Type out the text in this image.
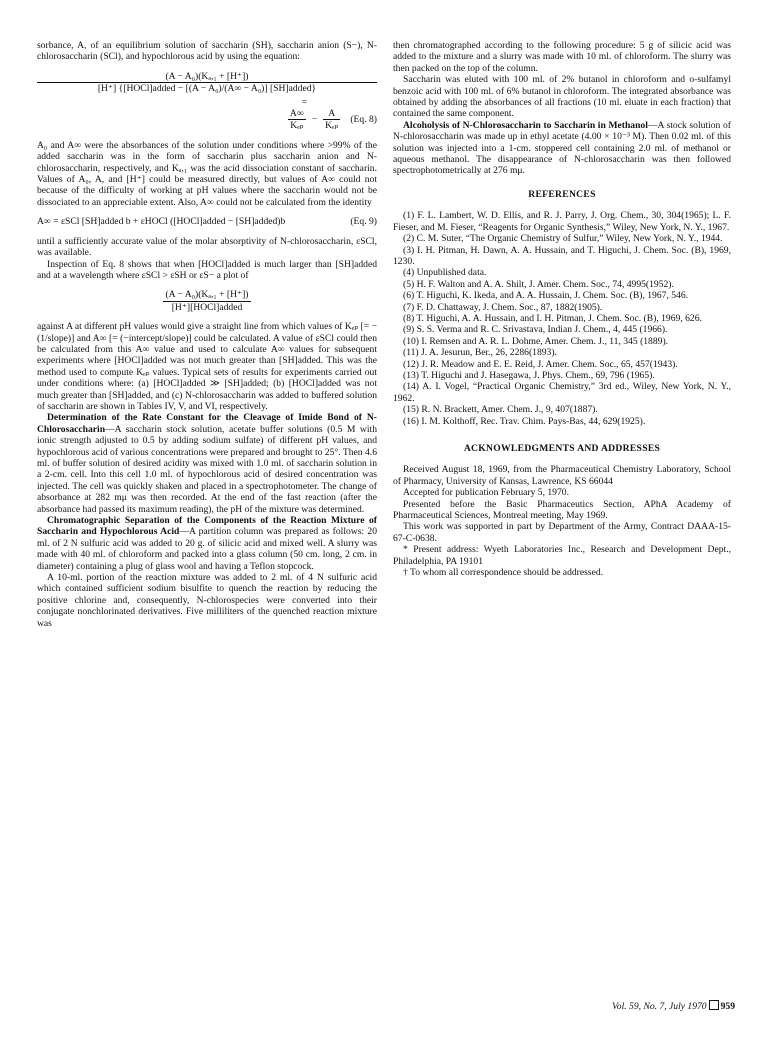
sorbance, A, of an equilibrium solution of saccharin (SH), saccharin anion (S−), N-chlorosaccharin (SCl), and hypochlorous acid by using the equation:

(A − A₀)(Kₐ,₁ + [H⁺])
[H⁺] {[HOCl]added − [(A − A₀)/(A∞ − A₀)] [SH]added}
=
$\frac{A\infty}{\text{Kₑₚ}} - \frac{A}{\text{Kₑₚ}} (Eq$. 8)

A₀ and A∞ were the absorbances of the solution under conditions where >99% of the added saccharin was in the form of saccharin plus saccharin anion and N-chlorosaccharin, respectively, and Kₐ,₁ was the acid dissociation constant of saccharin. Values of A₀, A, and [H⁺] could be measured directly, but values of A∞ could not because of the difficulty of working at pH values where the saccharin would not be dissociated to an appreciable extent. Also, A∞ could not be calculated from the identity

A∞ = εSCl [SH]added b + εHOCl ([HOCl]added − [SH]added)b	(Eq. 9)

until a sufficiently accurate value of the molar absorptivity of N-chlorosaccharin, εSCl, was available.

Inspection of Eq. 8 shows that when [HOCl]added is much larger than [SH]added and at a wavelength where εSCl > εSH or εS− a plot of

$\frac{\text{(A − A₀)(Kₐ,₁ + [H⁺])}}{\text{[H⁺][HOCl]added}}$

against A at different pH values would give a straight line from which values of Kₑₚ [= − (1/slope)] and A∞ [= (−intercept/slope)] could be calculated. A value of εSCl could then be calculated from this A∞ value and used to calculate A∞ values for subsequent experiments where [HOCl]added was not much greater than [SH]added. This was the method used to compute Kₑₚ values. Typical sets of results for experiments carried out under conditions where: (a) [HOCl]added ≫ [SH]added; (b) [HOCl]added was not much greater than [SH]added, and (c) N-chlorosaccharin was added to buffered solution of saccharin are shown in Tables IV, V, and VI, respectively.

Determination of the Rate Constant for the Cleavage of Imide Bond of N-Chlorosaccharin—A saccharin stock solution, acetate buffer solutions (0.5 M with ionic strength adjusted to 0.5 by adding sodium sulfate) of different pH values, and hypochlorous acid of various concentrations were prepared and brought to 25°. Then 4.6 ml. of buffer solution of desired acidity was mixed with 1.0 ml. of saccharin solution in a 2-cm. cell. Into this cell 1.0 ml. of hypochlorous acid of desired concentration was injected. The cell was quickly shaken and placed in a spectrophotometer. The change of absorbance at 282 mμ was then recorded. At the end of the fast reaction (after the absorbance had passed its maximum reading), the pH of the mixture was determined.

Chromatographic Separation of the Components of the Reaction Mixture of Saccharin and Hypochlorous Acid—A partition column was prepared as follows: 20 ml. of 2 N sulfuric acid was added to 20 g. of silicic acid and mixed well. A slurry was made with 40 ml. of chloroform and packed into a glass column (50 cm. long, 2 cm. in diameter) containing a plug of glass wool and having a Teflon stopcock.

A 10-ml. portion of the reaction mixture was added to 2 ml. of 4 N sulfuric acid which contained sufficient sodium bisulfite to quench the reaction by reducing the positive chlorine and, consequently, N-chlorospecies were converted into their conjugate nonchlorinated derivatives. Five milliliters of the quenched reaction mixture was

then chromatographed according to the following procedure: 5 g of silicic acid was added to the mixture and a slurry was made with 10 ml. of chloroform. The slurry was then packed on the top of the column.

Saccharin was eluted with 100 ml. of 2% butanol in chloroform and o-sulfamyl benzoic acid with 100 ml. of 6% butanol in chloroform. The integrated absorbance was obtained by adding the absorbances of all fractions (10 ml. eluate in each fraction) that contained the same component.

Alcoholysis of N-Chlorosaccharin to Saccharin in Methanol—A stock solution of N-chlorosaccharin was made up in ethyl acetate (4.00 × 10⁻³ M). Then 0.02 ml. of this solution was injected into a 1-cm. stoppered cell containing 2.0 ml. of methanol or aqueous methanol. The disappearance of N-chlorosaccharin was then followed spectrophotometrically at 276 mμ.

REFERENCES

(1) F. L. Lambert, W. D. Ellis, and R. J. Parry, J. Org. Chem., 30, 304(1965); L. F. Fieser, and M. Fieser, “Reagents for Organic Synthesis,” Wiley, New York, N. Y., 1967.

(2) C. M. Suter, “The Organic Chemistry of Sulfur,” Wiley, New York, N. Y., 1944.

(3) I. H. Pitman, H. Dawn, A. A. Hussain, and T. Higuchi, J. Chem. Soc. (B), 1969, 1230.

(4) Unpublished data.

(5) H. F. Walton and A. A. Shilt, J. Amer. Chem. Soc., 74, 4995(1952).

(6) T. Higuchi, K. Ikeda, and A. A. Hussain, J. Chem. Soc. (B), 1967, 546.

(7) F. D. Chattaway, J. Chem. Soc., 87, 1882(1905).

(8) T. Higuchi, A. A. Hussain, and I. H. Pitman, J. Chem. Soc. (B), 1969, 626.

(9) S. S. Verma and R. C. Srivastava, Indian J. Chem., 4, 445 (1966).

(10) I. Remsen and A. R. L. Dohme, Amer. Chem. J., 11, 345 (1889).

(11) J. A. Jesurun, Ber., 26, 2286(1893).

(12) J. R. Meadow and E. E. Reid, J. Amer. Chem. Soc., 65, 457(1943).

(13) T. Higuchi and J. Hasegawa, J. Phys. Chem., 69, 796 (1965).

(14) A. I. Vogel, “Practical Organic Chemistry,” 3rd ed., Wiley, New York, N. Y., 1962.

(15) R. N. Brackett, Amer. Chem. J., 9, 407(1887).

(16) I. M. Kolthoff, Rec. Trav. Chim. Pays-Bas, 44, 629(1925).

ACKNOWLEDGMENTS AND ADDRESSES

Received August 18, 1969, from the Pharmaceutical Chemistry Laboratory, School of Pharmacy, University of Kansas, Lawrence, KS 66044

Accepted for publication February 5, 1970.

Presented before the Basic Pharmaceutics Section, APhA Academy of Pharmaceutical Sciences, Montreal meeting, May 1969.

This work was supported in part by Department of the Army, Contract DAAA-15-67-C-0638.

* Present address: Wyeth Laboratories Inc., Research and Development Dept., Philadelphia, PA 19101

† To whom all correspondence should be addressed.

Vol. 59, No. 7, July 1970 959
